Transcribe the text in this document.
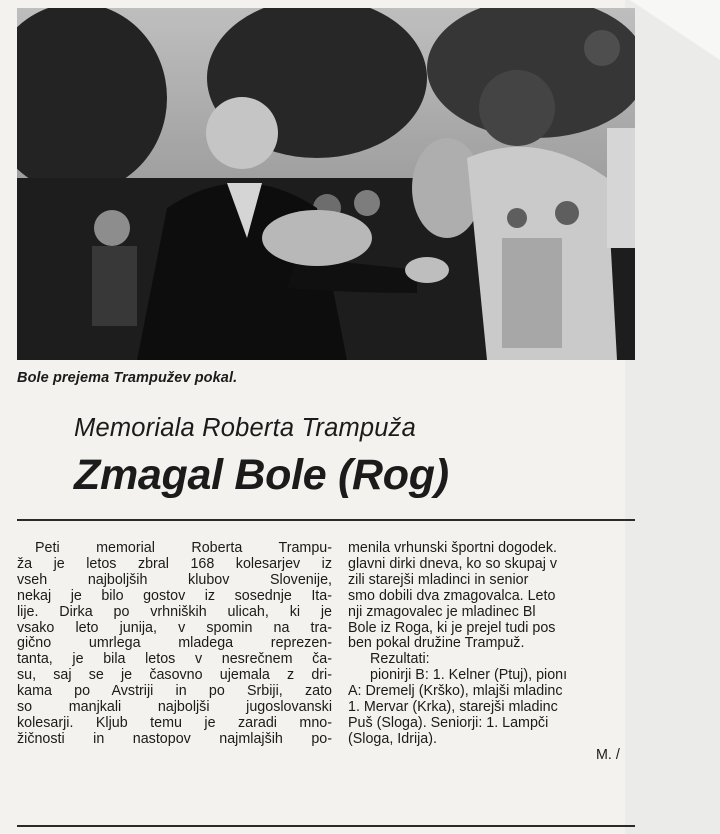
Bole prejema Trampužev pokal.
Memoriala Roberta Trampuža
Zmagal Bole (Rog)
Peti memorial Roberta Trampu-
ža je letos zbral 168 kolesarjev iz
vseh najboljših klubov Slovenije,
nekaj je bilo gostov iz sosednje Ita-
lije. Dirka po vrhniških ulicah, ki je
vsako leto junija, v spomin na tra-
gično umrlega mladega reprezen-
tanta, je bila letos v nesrečnem ča-
su, saj se je časovno ujemala z dri-
kama po Avstriji in po Srbiji, zato
so manjkali najboljši jugoslovanski
kolesarji. Kljub temu je zaradi mno-
žičnosti in nastopov najmlajših po-
menila vrhunski športni dogodek.
glavni dirki dneva, ko so skupaj v
zili starejši mladinci in senior
smo dobili dva zmagovalca. Leto
nji zmagovalec je mladinec Bl
Bole iz Roga, ki je prejel tudi pos
ben pokal družine Trampuž.
Rezultati:
pionirji B: 1. Kelner (Ptuj), pionı
A: Dremelj (Krško), mlajši mladinc
1. Mervar (Krka), starejši mladinc
Puš (Sloga). Seniorji: 1. Lampči
(Sloga, Idrija).
M. /
